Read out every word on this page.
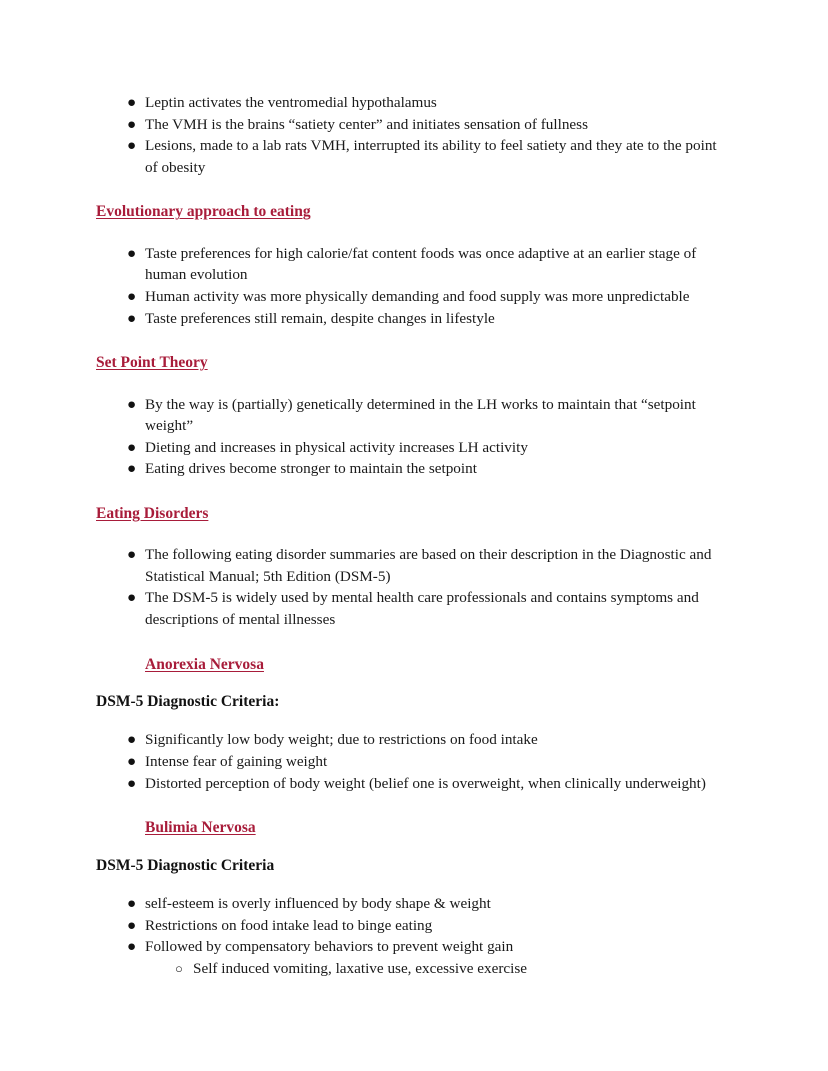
● Leptin activates the ventromedial hypothalamus
● The VMH is the brains “satiety center” and initiates sensation of fullness
● Lesions, made to a lab rats VMH, interrupted its ability to feel satiety and they ate to the point of obesity
Evolutionary approach to eating
● Taste preferences for high calorie/fat content foods was once adaptive at an earlier stage of human evolution
● Human activity was more physically demanding and food supply was more unpredictable
● Taste preferences still remain, despite changes in lifestyle
Set Point Theory
● By the way is (partially) genetically determined in the LH works to maintain that “setpoint weight”
● Dieting and increases in physical activity increases LH activity
● Eating drives become stronger to maintain the setpoint
Eating Disorders
● The following eating disorder summaries are based on their description in the Diagnostic and Statistical Manual; 5th Edition (DSM-5)
● The DSM-5 is widely used by mental health care professionals and contains symptoms and descriptions of mental illnesses
Anorexia Nervosa
DSM-5 Diagnostic Criteria:
● Significantly low body weight; due to restrictions on food intake
● Intense fear of gaining weight
● Distorted perception of body weight (belief one is overweight, when clinically underweight)
Bulimia Nervosa
DSM-5 Diagnostic Criteria
● self-esteem is overly influenced by body shape & weight
● Restrictions on food intake lead to binge eating
● Followed by compensatory behaviors to prevent weight gain
○ Self induced vomiting, laxative use, excessive exercise
